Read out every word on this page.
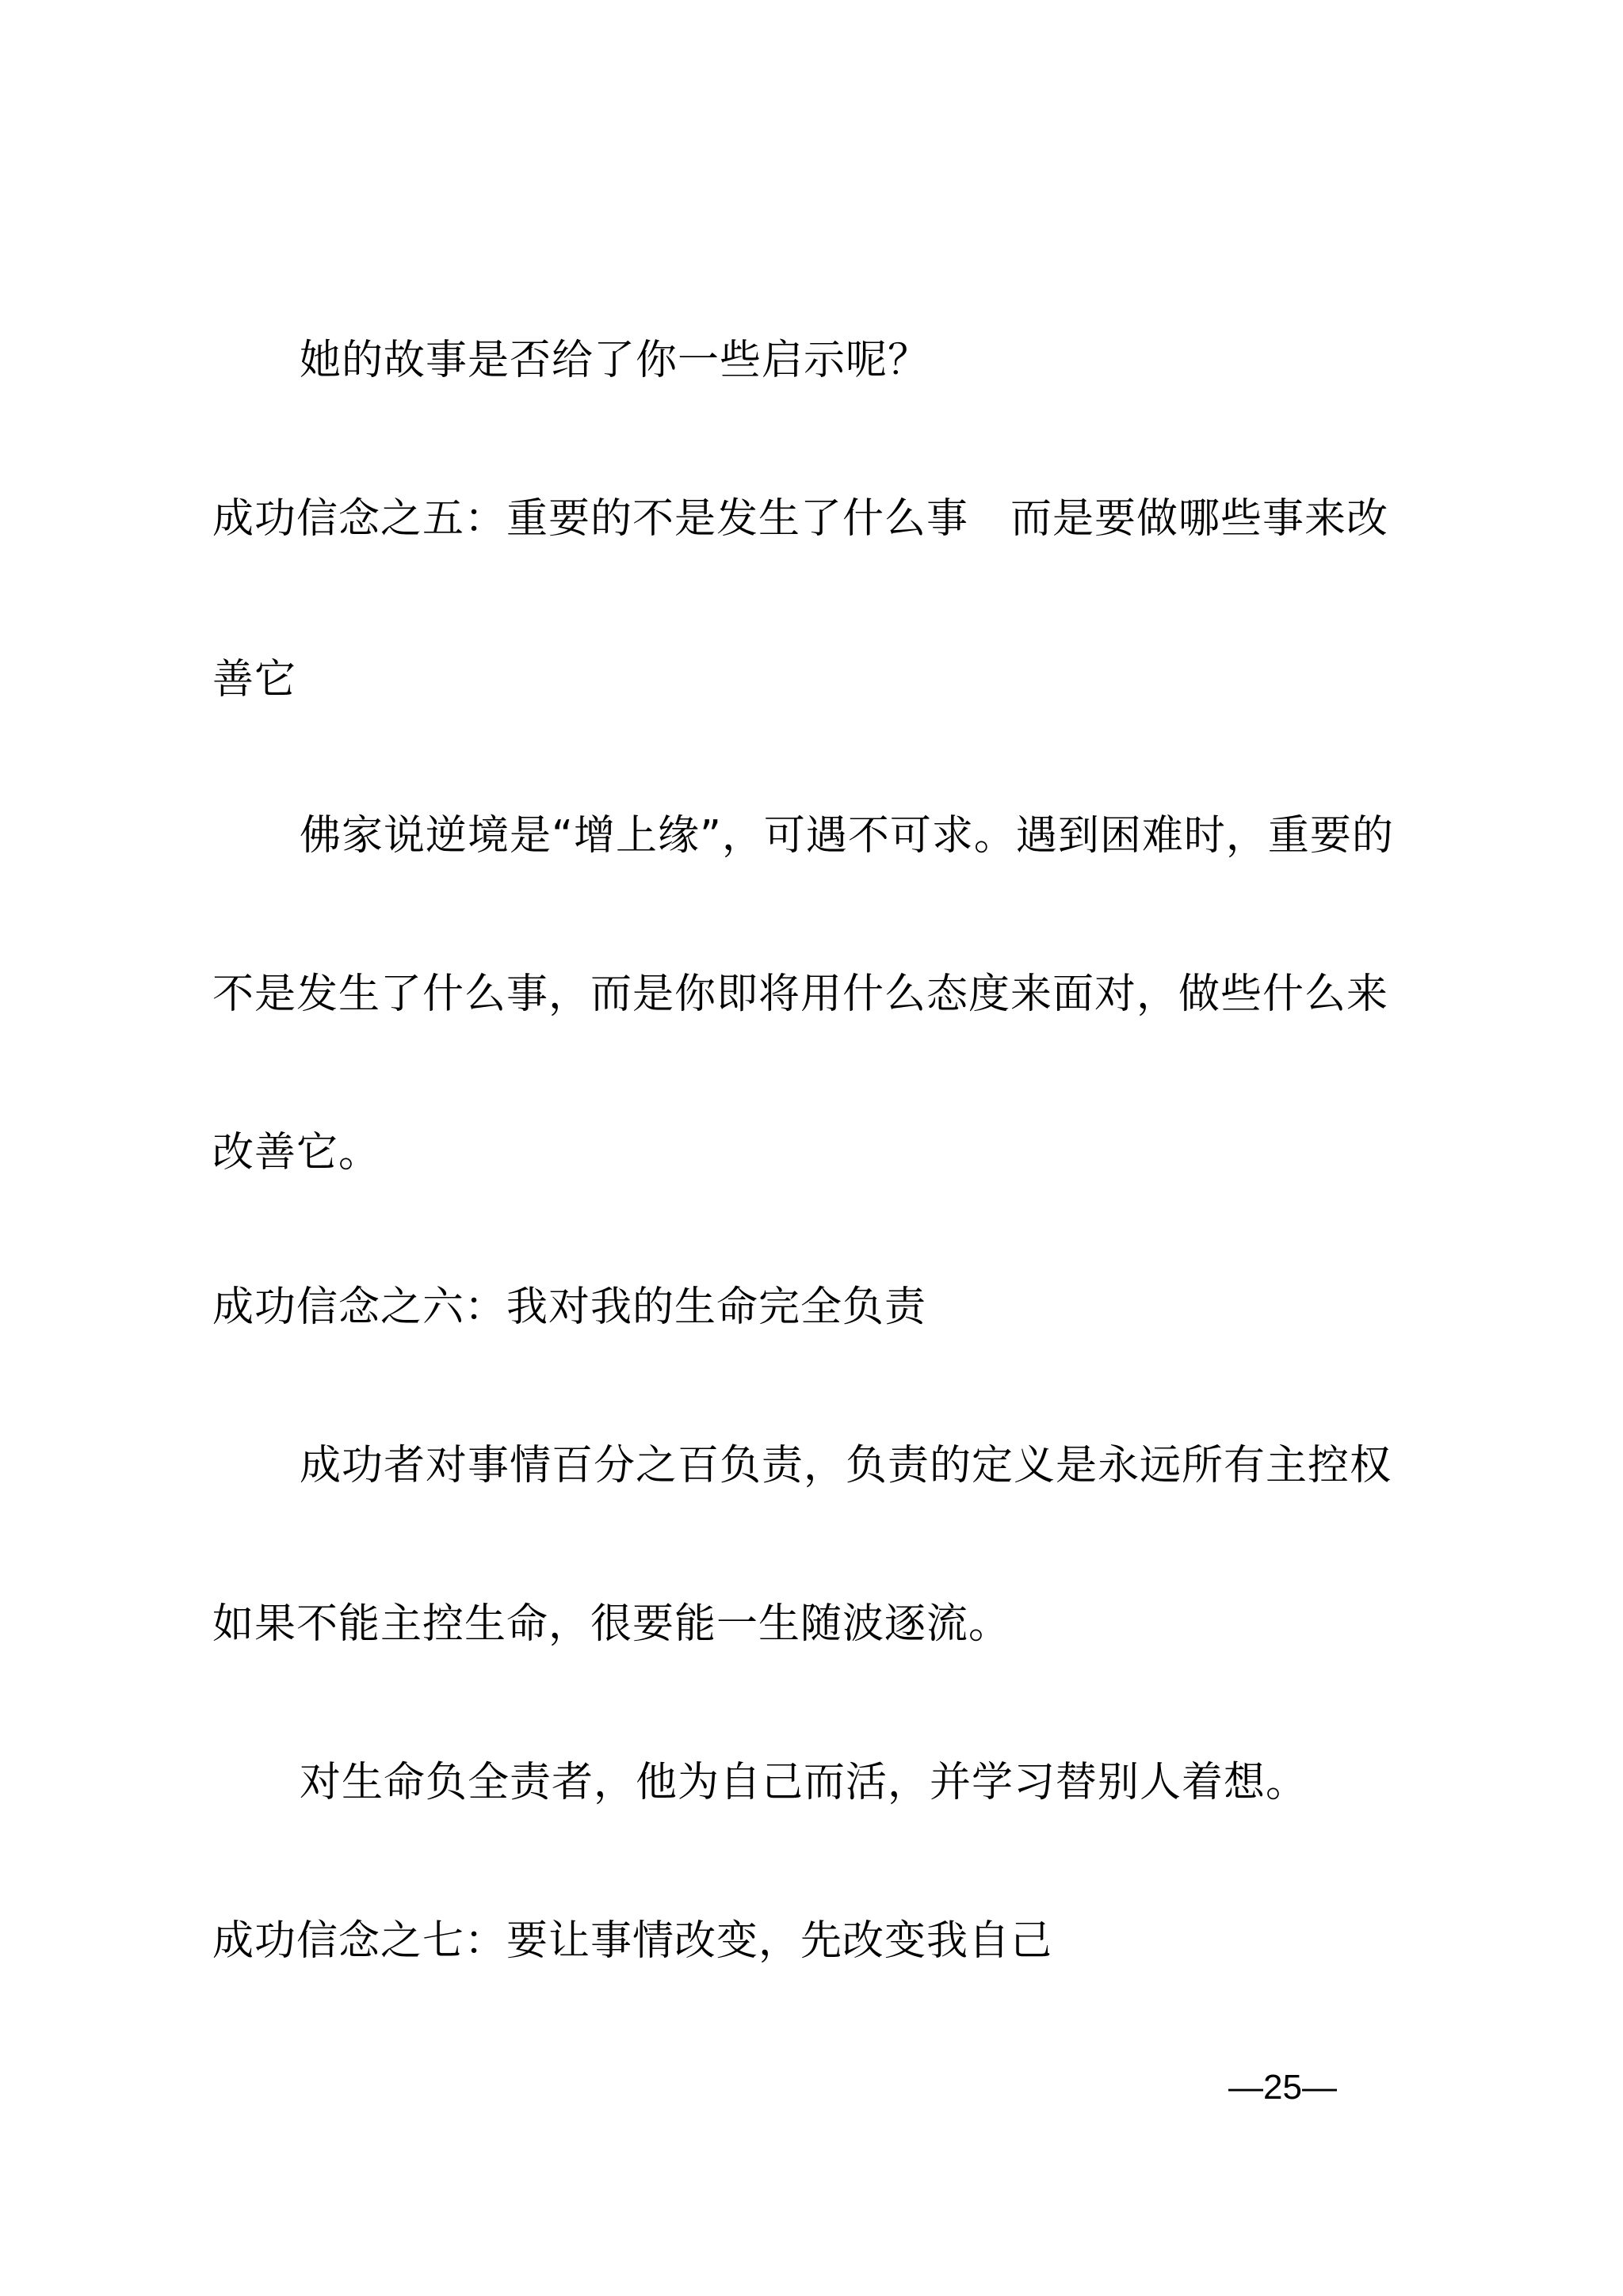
她的故事是否给了你一些启示呢？
成功信念之五：重要的不是发生了什么事　而是要做哪些事来改
善它
佛家说逆境是“增上缘”，可遇不可求。遇到困难时，重要的
不是发生了什么事，而是你即将用什么态度来面对，做些什么来
改善它。
成功信念之六：我对我的生命完全负责
成功者对事情百分之百负责，负责的定义是永远所有主控权
如果不能主控生命，很要能一生随波逐流。
对生命负全责者，他为自己而活，并学习替别人着想。
成功信念之七：要让事情改变，先改变我自己
—25—
